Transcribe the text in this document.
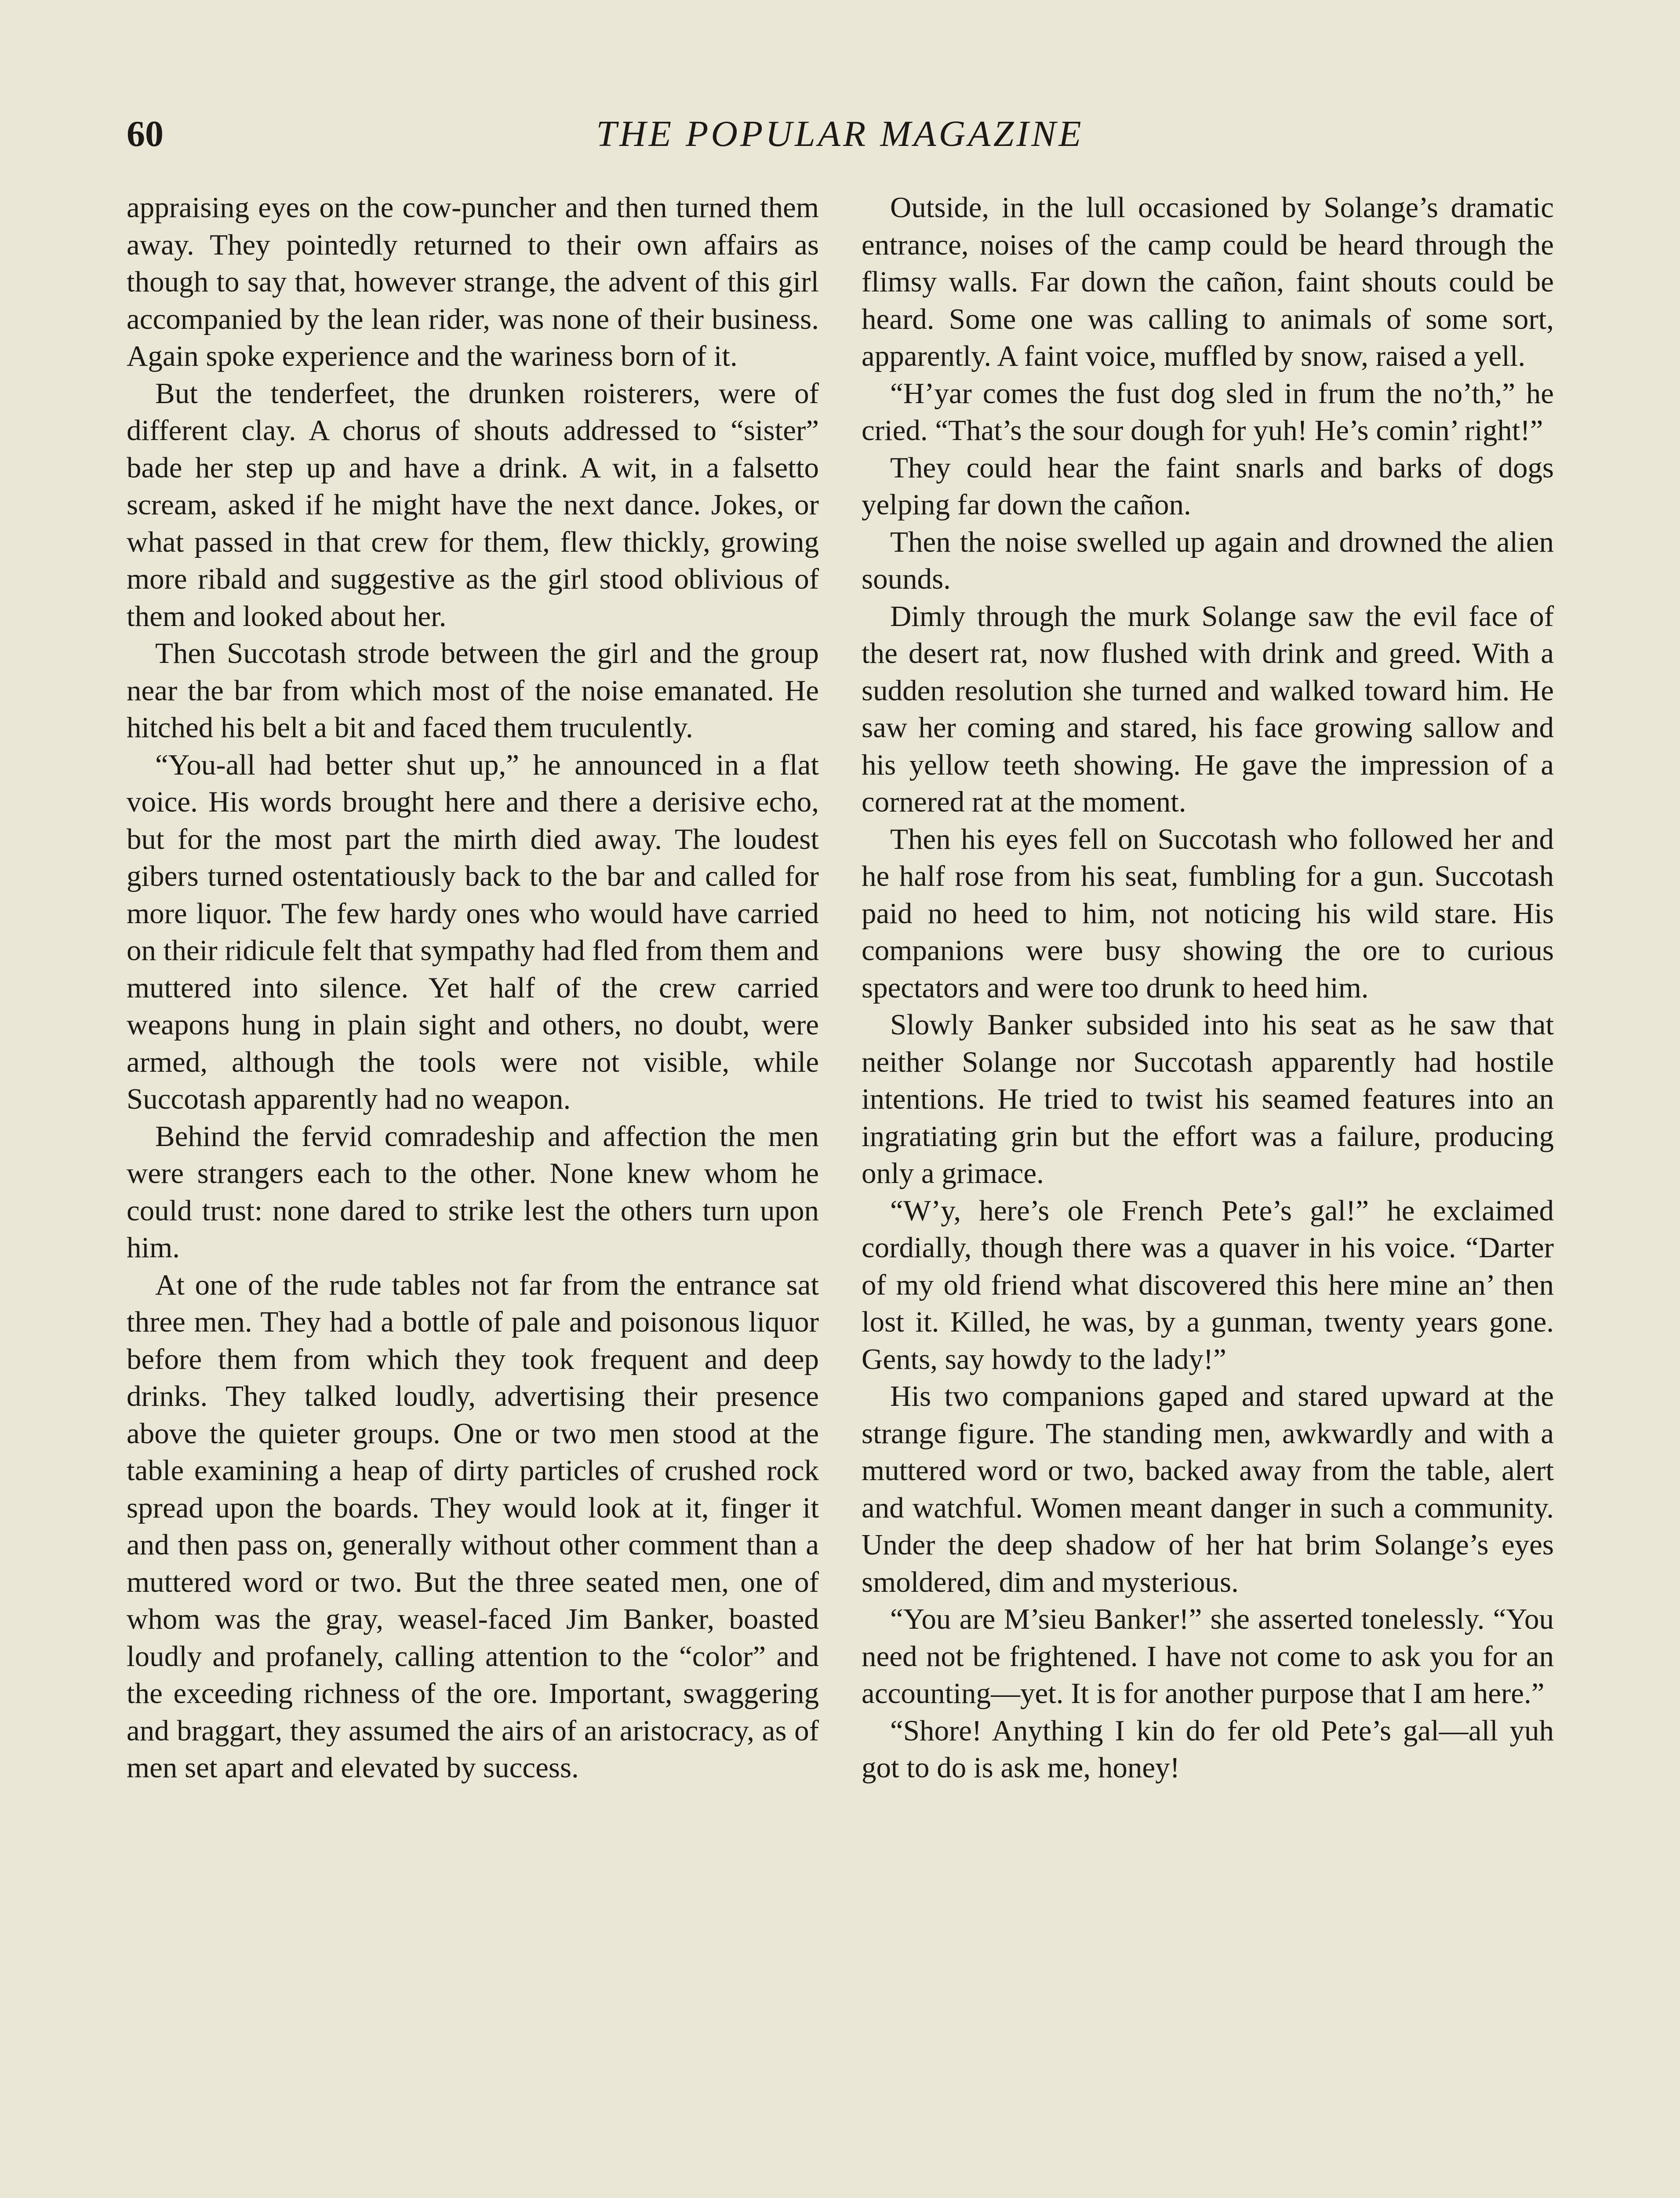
60	THE POPULAR MAGAZINE

appraising eyes on the cow-puncher and then turned them away. They pointedly returned to their own affairs as though to say that, however strange, the advent of this girl accompanied by the lean rider, was none of their business. Again spoke experience and the wariness born of it.

But the tenderfeet, the drunken roisterers, were of different clay. A chorus of shouts addressed to “sister” bade her step up and have a drink. A wit, in a falsetto scream, asked if he might have the next dance. Jokes, or what passed in that crew for them, flew thickly, growing more ribald and suggestive as the girl stood oblivious of them and looked about her.

Then Succotash strode between the girl and the group near the bar from which most of the noise emanated. He hitched his belt a bit and faced them truculently.

“You-all had better shut up,” he announced in a flat voice. His words brought here and there a derisive echo, but for the most part the mirth died away. The loudest gibers turned ostentatiously back to the bar and called for more liquor. The few hardy ones who would have carried on their ridicule felt that sympathy had fled from them and muttered into silence. Yet half of the crew carried weapons hung in plain sight and others, no doubt, were armed, although the tools were not visible, while Succotash apparently had no weapon.

Behind the fervid comradeship and affection the men were strangers each to the other. None knew whom he could trust: none dared to strike lest the others turn upon him.

At one of the rude tables not far from the entrance sat three men. They had a bottle of pale and poisonous liquor before them from which they took frequent and deep drinks. They talked loudly, advertising their presence above the quieter groups. One or two men stood at the table examining a heap of dirty particles of crushed rock spread upon the boards. They would look at it, finger it and then pass on, generally without other comment than a muttered word or two. But the three seated men, one of whom was the gray, weasel-faced Jim Banker, boasted loudly and profanely, calling attention to the “color” and the exceeding richness of the ore. Important, swaggering and braggart, they assumed the airs of an aristocracy, as of men set apart and elevated by success.

Outside, in the lull occasioned by Solange’s dramatic entrance, noises of the camp could be heard through the flimsy walls. Far down the cañon, faint shouts could be heard. Some one was calling to animals of some sort, apparently. A faint voice, muffled by snow, raised a yell.

“H’yar comes the fust dog sled in frum the no’th,” he cried. “That’s the sour dough for yuh! He’s comin’ right!”

They could hear the faint snarls and barks of dogs yelping far down the cañon.

Then the noise swelled up again and drowned the alien sounds.

Dimly through the murk Solange saw the evil face of the desert rat, now flushed with drink and greed. With a sudden resolution she turned and walked toward him. He saw her coming and stared, his face growing sallow and his yellow teeth showing. He gave the impression of a cornered rat at the moment.

Then his eyes fell on Succotash who followed her and he half rose from his seat, fumbling for a gun. Succotash paid no heed to him, not noticing his wild stare. His companions were busy showing the ore to curious spectators and were too drunk to heed him.

Slowly Banker subsided into his seat as he saw that neither Solange nor Succotash apparently had hostile intentions. He tried to twist his seamed features into an ingratiating grin but the effort was a failure, producing only a grimace.

“W’y, here’s ole French Pete’s gal!” he exclaimed cordially, though there was a quaver in his voice. “Darter of my old friend what discovered this here mine an’ then lost it. Killed, he was, by a gunman, twenty years gone. Gents, say howdy to the lady!”

His two companions gaped and stared upward at the strange figure. The standing men, awkwardly and with a muttered word or two, backed away from the table, alert and watchful. Women meant danger in such a community. Under the deep shadow of her hat brim Solange’s eyes smoldered, dim and mysterious.

“You are M’sieu Banker!” she asserted tonelessly. “You need not be frightened. I have not come to ask you for an accounting—yet. It is for another purpose that I am here.”

“Shore! Anything I kin do fer old Pete’s gal—all yuh got to do is ask me, honey!
